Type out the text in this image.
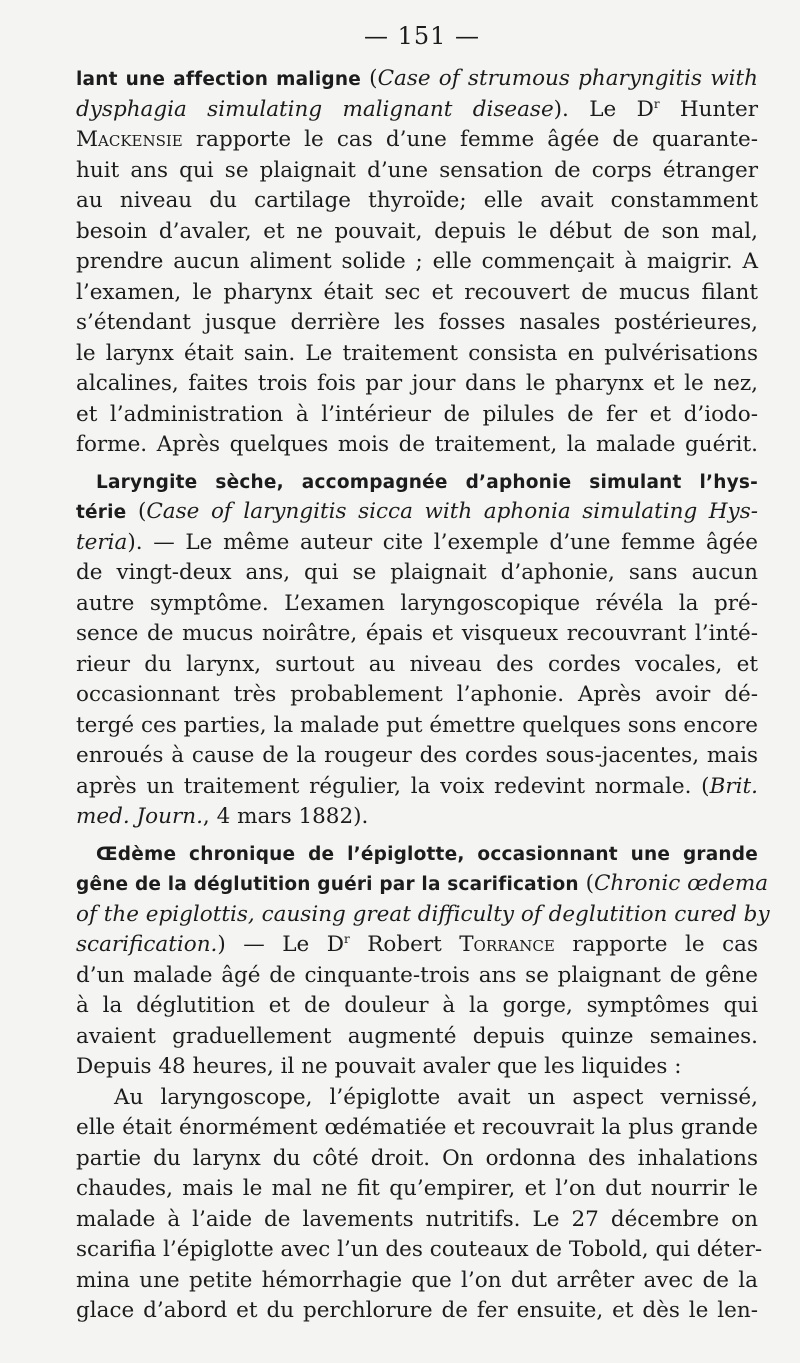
— 151 —
lant une affection maligne (Case of strumous pharyngitis with
dysphagia simulating malignant disease). Le $D^r$ Hunter
Mackensie rapporte le cas d’une femme âgée de quarante-
huit ans qui se plaignait d’une sensation de corps étranger
au niveau du cartilage thyroïde; elle avait constamment
besoin d’avaler, et ne pouvait, depuis le début de son mal,
prendre aucun aliment solide ; elle commençait à maigrir. A
l’examen, le pharynx était sec et recouvert de mucus filant
s’étendant jusque derrière les fosses nasales postérieures,
le larynx était sain. Le traitement consista en pulvérisations
alcalines, faites trois fois par jour dans le pharynx et le nez,
et l’administration à l’intérieur de pilules de fer et d’iodo-
forme. Après quelques mois de traitement, la malade guérit.
Laryngite sèche, accompagnée d’aphonie simulant l’hys-
térie (Case of laryngitis sicca with aphonia simulating Hys-
teria). — Le même auteur cite l’exemple d’une femme âgée
de vingt-deux ans, qui se plaignait d’aphonie, sans aucun
autre symptôme. L’examen laryngoscopique révéla la pré-
sence de mucus noirâtre, épais et visqueux recouvrant l’inté-
rieur du larynx, surtout au niveau des cordes vocales, et
occasionnant très probablement l’aphonie. Après avoir dé-
tergé ces parties, la malade put émettre quelques sons encore
enroués à cause de la rougeur des cordes sous-jacentes, mais
après un traitement régulier, la voix redevint normale. (Brit.
med. Journ., 4 mars 1882).
Œdème chronique de l’épiglotte, occasionnant une grande
gêne de la déglutition guéri par la scarification (Chronic œdema
of the epiglottis, causing great difficulty of deglutition cured by
scarification.) — Le $D^r$ Robert Torrance rapporte le cas
d’un malade âgé de cinquante-trois ans se plaignant de gêne
à la déglutition et de douleur à la gorge, symptômes qui
avaient graduellement augmenté depuis quinze semaines.
Depuis 48 heures, il ne pouvait avaler que les liquides :
Au laryngoscope, l’épiglotte avait un aspect vernissé,
elle était énormément œdématiée et recouvrait la plus grande
partie du larynx du côté droit. On ordonna des inhalations
chaudes, mais le mal ne fit qu’empirer, et l’on dut nourrir le
malade à l’aide de lavements nutritifs. Le 27 décembre on
scarifia l’épiglotte avec l’un des couteaux de Tobold, qui déter-
mina une petite hémorrhagie que l’on dut arrêter avec de la
glace d’abord et du perchlorure de fer ensuite, et dès le len-
